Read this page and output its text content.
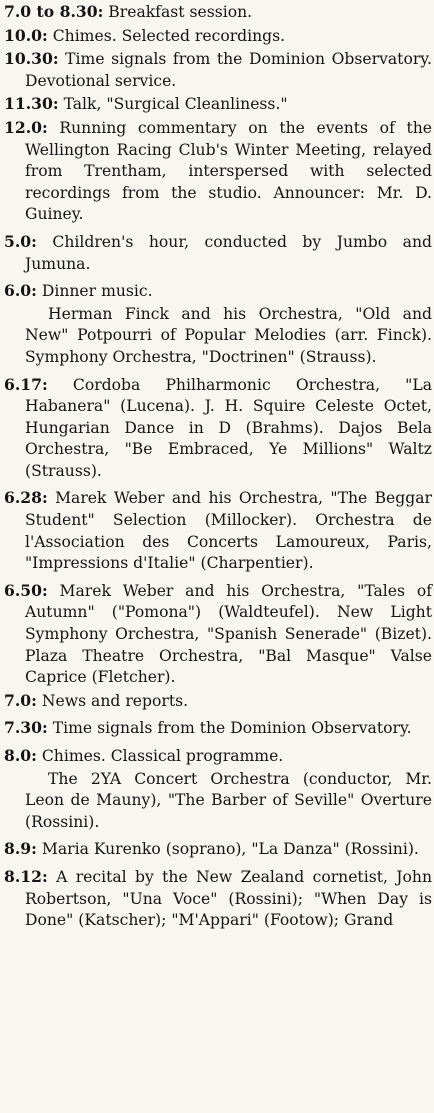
7.0 to 8.30: Breakfast session.
10.0: Chimes. Selected recordings.
10.30: Time signals from the Dominion Observatory. Devotional service.
11.30: Talk, "Surgical Cleanliness."
12.0: Running commentary on the events of the Wellington Racing Club's Winter Meeting, relayed from Trentham, interspersed with selected recordings from the studio. Announcer: Mr. D. Guiney.
5.0: Children's hour, conducted by Jumbo and Jumuna.
6.0: Dinner music.
Herman Finck and his Orchestra, "Old and New" Potpourri of Popular Melodies (arr. Finck). Symphony Orchestra, "Doctrinen" (Strauss).
6.17: Cordoba Philharmonic Orchestra, "La Habanera" (Lucena). J. H. Squire Celeste Octet, Hungarian Dance in D (Brahms). Dajos Bela Orchestra, "Be Embraced, Ye Millions" Waltz (Strauss).
6.28: Marek Weber and his Orchestra, "The Beggar Student" Selection (Millocker). Orchestra de l'Association des Concerts Lamoureux, Paris, "Impressions d'Italie" (Charpentier).
6.50: Marek Weber and his Orchestra, "Tales of Autumn" ("Pomona") (Waldteufel). New Light Symphony Orchestra, "Spanish Senerade" (Bizet). Plaza Theatre Orchestra, "Bal Masque" Valse Caprice (Fletcher).
7.0: News and reports.
7.30: Time signals from the Dominion Observatory.
8.0: Chimes. Classical programme.
The 2YA Concert Orchestra (conductor, Mr. Leon de Mauny), "The Barber of Seville" Overture (Rossini).
8.9: Maria Kurenko (soprano), "La Danza" (Rossini).
8.12: A recital by the New Zealand cornetist, John Robertson, "Una Voce" (Rossini); "When Day is Done" (Katscher); "M'Appari" (Footow); Grand
